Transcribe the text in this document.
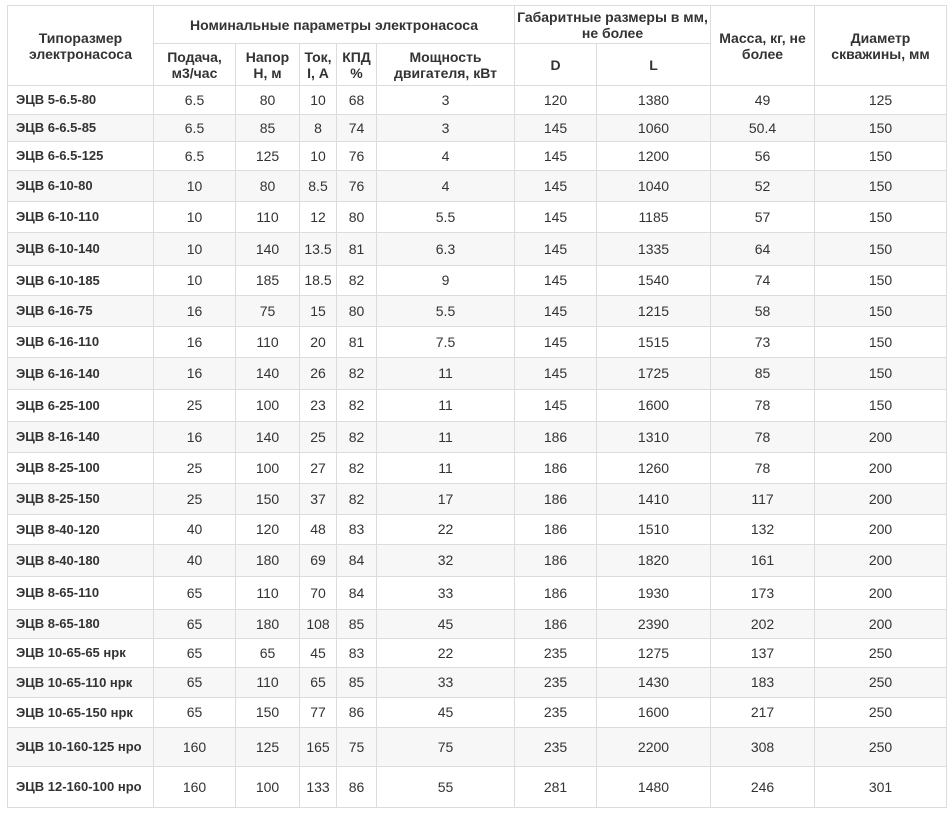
Типоразмер электронасоса	Номинальные параметры электронасоса					Габаритные размеры в мм, не более		Масса, кг, не более	Диаметр скважины, мм
	Подача, м3/час	Напор Н, м	Ток, I, А	КПД %	Мощность двигателя, кВт	D	L		
ЭЦВ 5-6.5-80	6.5	80	10	68	3	120	1380	49	125
ЭЦВ 6-6.5-85	6.5	85	8	74	3	145	1060	50.4	150
ЭЦВ 6-6.5-125	6.5	125	10	76	4	145	1200	56	150
ЭЦВ 6-10-80	10	80	8.5	76	4	145	1040	52	150
ЭЦВ 6-10-110	10	110	12	80	5.5	145	1185	57	150
ЭЦВ 6-10-140	10	140	13.5	81	6.3	145	1335	64	150
ЭЦВ 6-10-185	10	185	18.5	82	9	145	1540	74	150
ЭЦВ 6-16-75	16	75	15	80	5.5	145	1215	58	150
ЭЦВ 6-16-110	16	110	20	81	7.5	145	1515	73	150
ЭЦВ 6-16-140	16	140	26	82	11	145	1725	85	150
ЭЦВ 6-25-100	25	100	23	82	11	145	1600	78	150
ЭЦВ 8-16-140	16	140	25	82	11	186	1310	78	200
ЭЦВ 8-25-100	25	100	27	82	11	186	1260	78	200
ЭЦВ 8-25-150	25	150	37	82	17	186	1410	117	200
ЭЦВ 8-40-120	40	120	48	83	22	186	1510	132	200
ЭЦВ 8-40-180	40	180	69	84	32	186	1820	161	200
ЭЦВ 8-65-110	65	110	70	84	33	186	1930	173	200
ЭЦВ 8-65-180	65	180	108	85	45	186	2390	202	200
ЭЦВ 10-65-65 нрк	65	65	45	83	22	235	1275	137	250
ЭЦВ 10-65-110 нрк	65	110	65	85	33	235	1430	183	250
ЭЦВ 10-65-150 нрк	65	150	77	86	45	235	1600	217	250
ЭЦВ 10-160-125 нро	160	125	165	75	75	235	2200	308	250
ЭЦВ 12-160-100 нро	160	100	133	86	55	281	1480	246	301
